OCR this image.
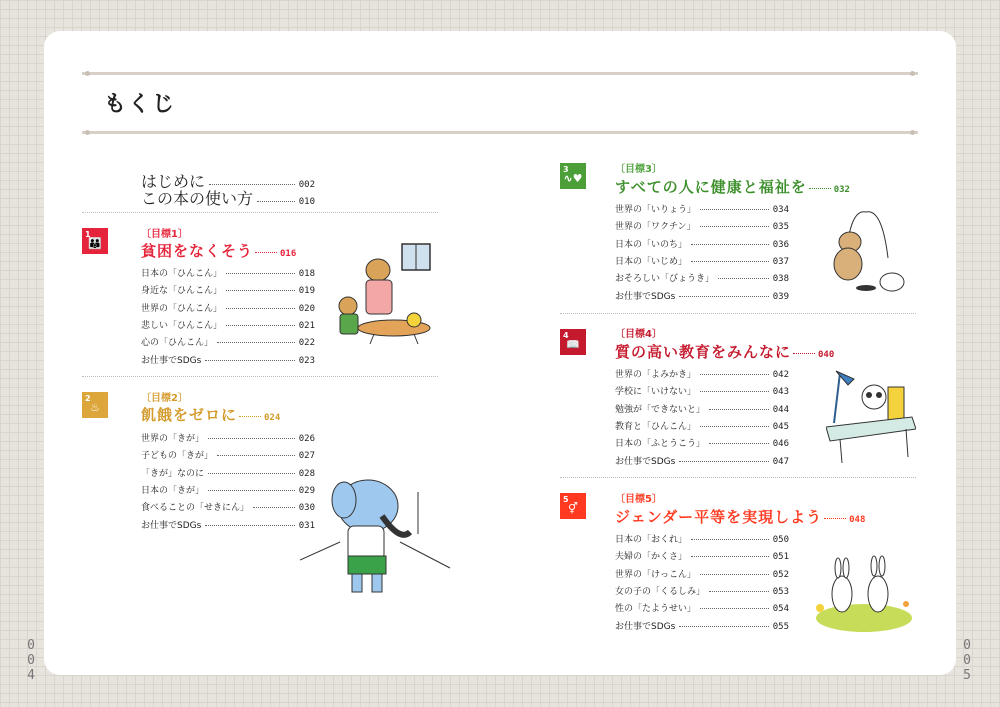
もくじ
はじめに	002
この本の使い方	010
1
👪
〔目標1〕
貧困をなくそう	016
日本の「ひんこん」	018
身近な「ひんこん」	019
世界の「ひんこん」	020
悲しい「ひんこん」	021
心の「ひんこん」	022
お仕事でSDGs	023
2
♨
〔目標2〕
飢餓をゼロに	024
世界の「きが」	026
子どもの「きが」	027
「きが」なのに	028
日本の「きが」	029
食べることの「せきにん」	030
お仕事でSDGs	031
3
∿♥
〔目標3〕
すべての人に健康と福祉を	032
世界の「いりょう」	034
世界の「ワクチン」	035
日本の「いのち」	036
日本の「いじめ」	037
おそろしい「びょうき」	038
お仕事でSDGs	039
4
📖
〔目標4〕
質の高い教育をみんなに	040
世界の「よみかき」	042
学校に「いけない」	043
勉強が「できないと」	044
教育と「ひんこん」	045
日本の「ふとうこう」	046
お仕事でSDGs	047
5
⚥
〔目標5〕
ジェンダー平等を実現しよう	048
日本の「おくれ」	050
夫婦の「かくさ」	051
世界の「けっこん」	052
女の子の「くるしみ」	053
性の「たようせい」	054
お仕事でSDGs	055
004
005
